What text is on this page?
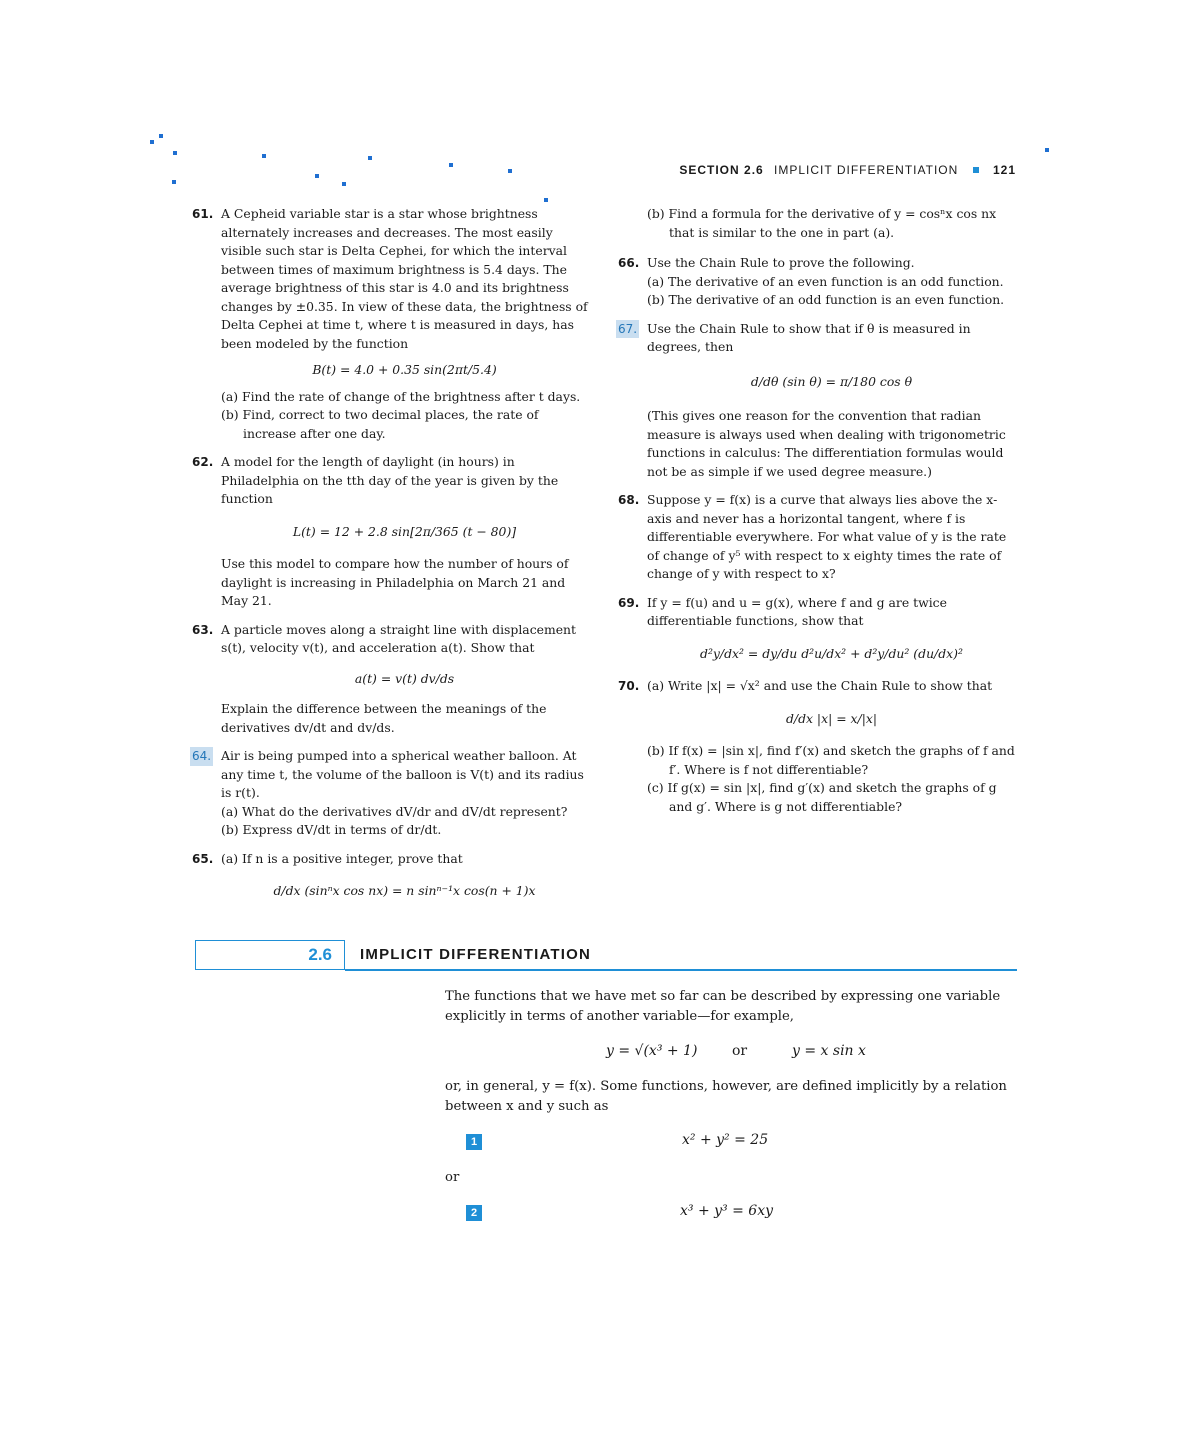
SECTION 2.6 IMPLICIT DIFFERENTIATION	121
61. A Cepheid variable star is a star whose brightness alternately increases and decreases. The most easily visible such star is Delta Cephei, for which the interval between times of maximum brightness is 5.4 days. The average brightness of this star is 4.0 and its brightness changes by ±0.35. In view of these data, the brightness of Delta Cephei at time t, where t is measured in days, has been modeled by the function
B(t) = 4.0 + 0.35 sin(2πt/5.4)
(a) Find the rate of change of the brightness after t days.
(b) Find, correct to two decimal places, the rate of increase after one day.
62. A model for the length of daylight (in hours) in Philadelphia on the tth day of the year is given by the function
L(t) = 12 + 2.8 sin[2π/365 (t − 80)]
Use this model to compare how the number of hours of daylight is increasing in Philadelphia on March 21 and May 21.
63. A particle moves along a straight line with displacement s(t), velocity v(t), and acceleration a(t). Show that
a(t) = v(t) dv/ds
Explain the difference between the meanings of the derivatives dv/dt and dv/ds.
64. Air is being pumped into a spherical weather balloon. At any time t, the volume of the balloon is V(t) and its radius is r(t).
(a) What do the derivatives dV/dr and dV/dt represent?
(b) Express dV/dt in terms of dr/dt.
65. (a) If n is a positive integer, prove that
d/dx (sinⁿx cos nx) = n sinⁿ⁻¹x cos(n + 1)x
(b) Find a formula for the derivative of y = cosⁿx cos nx that is similar to the one in part (a).
66. Use the Chain Rule to prove the following.
(a) The derivative of an even function is an odd function.
(b) The derivative of an odd function is an even function.
67. Use the Chain Rule to show that if θ is measured in degrees, then
d/dθ (sin θ) = π/180 cos θ
(This gives one reason for the convention that radian measure is always used when dealing with trigonometric functions in calculus: The differentiation formulas would not be as simple if we used degree measure.)
68. Suppose y = f(x) is a curve that always lies above the x-axis and never has a horizontal tangent, where f is differentiable everywhere. For what value of y is the rate of change of y⁵ with respect to x eighty times the rate of change of y with respect to x?
69. If y = f(u) and u = g(x), where f and g are twice differentiable functions, show that
d²y/dx² = dy/du d²u/dx² + d²y/du² (du/dx)²
70. (a) Write |x| = √x² and use the Chain Rule to show that
d/dx |x| = x/|x|
(b) If f(x) = |sin x|, find f′(x) and sketch the graphs of f and f′. Where is f not differentiable?
(c) If g(x) = sin |x|, find g′(x) and sketch the graphs of g and g′. Where is g not differentiable?
2.6 IMPLICIT DIFFERENTIATION
The functions that we have met so far can be described by expressing one variable explicitly in terms of another variable—for example,
y = √(x³ + 1) or	y = x sin x
or, in general, y = f(x). Some functions, however, are defined implicitly by a relation between x and y such as
1	x² + y² = 25
or
2	x³ + y³ = 6xy
